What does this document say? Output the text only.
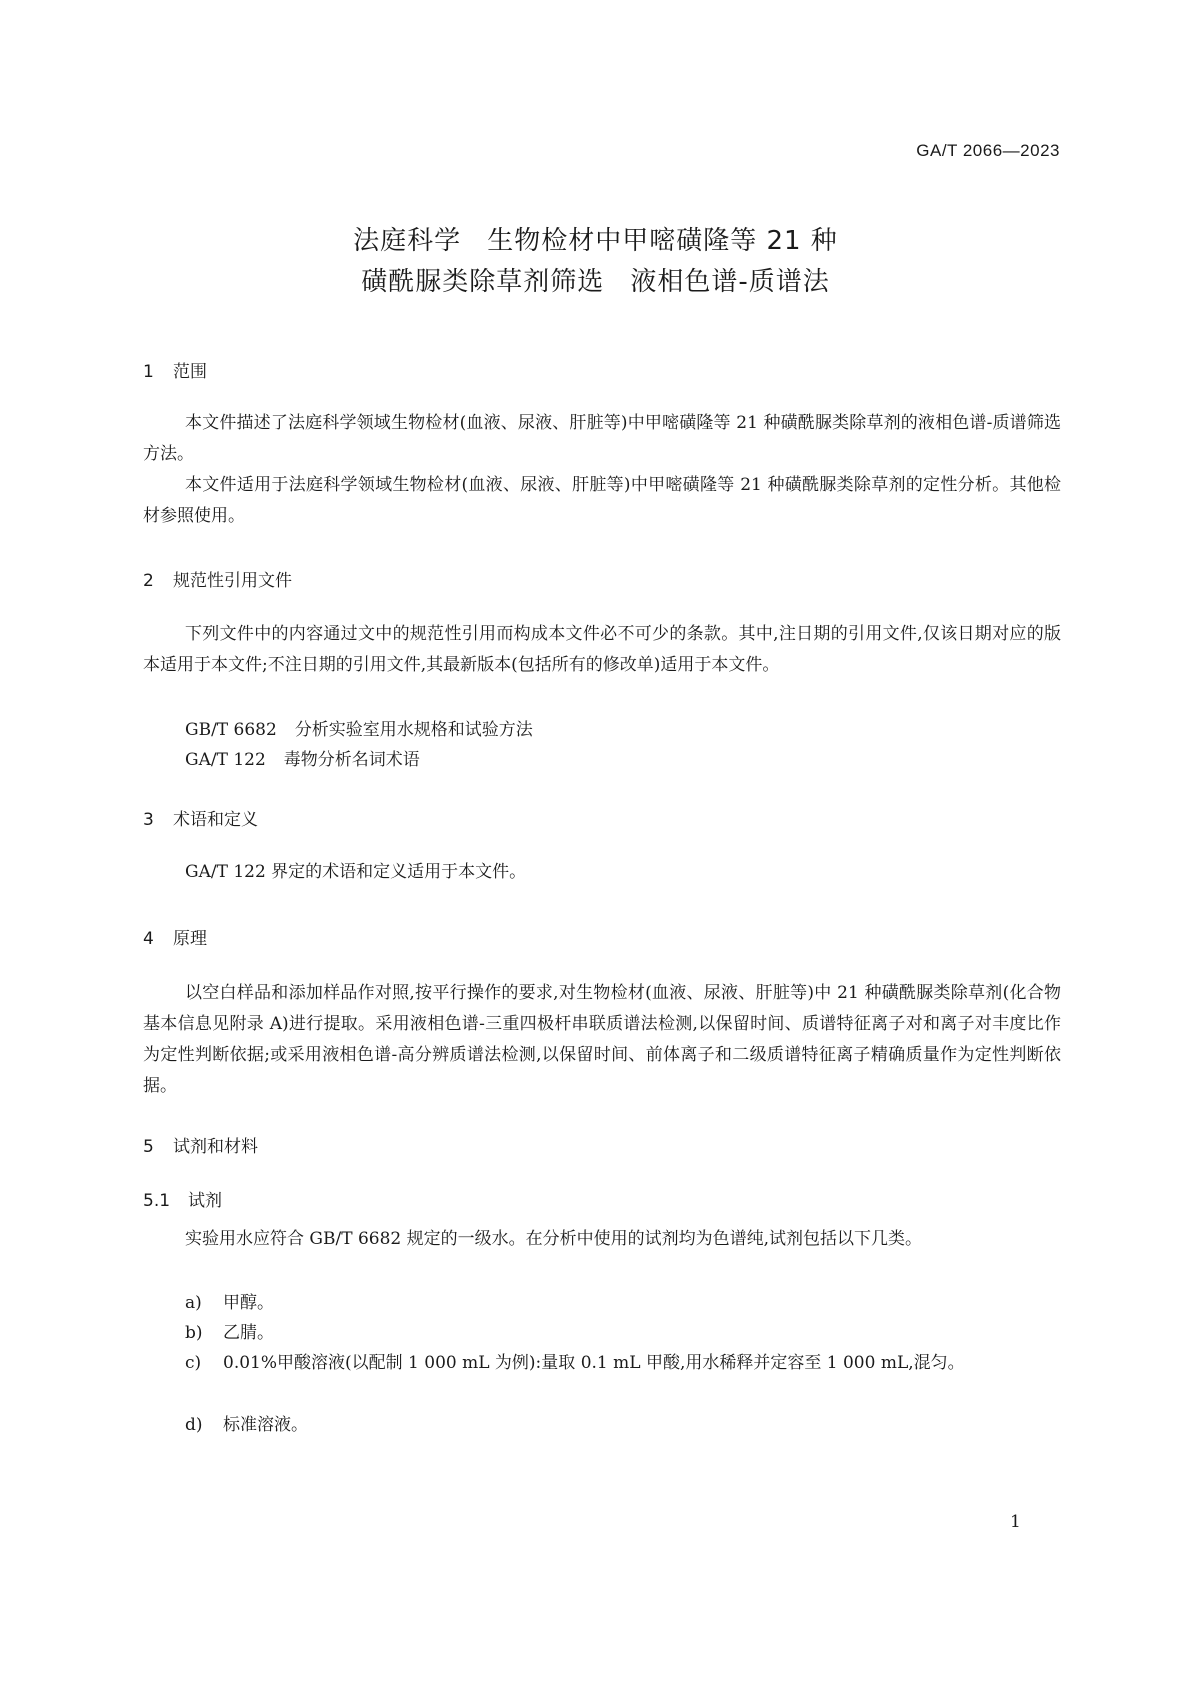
GA/T 2066—2023
法庭科学 生物检材中甲嘧磺隆等 21 种
磺酰脲类除草剂筛选 液相色谱-质谱法
1 范围

本文件描述了法庭科学领域生物检材(血液、尿液、肝脏等)中甲嘧磺隆等 21 种磺酰脲类除草剂的液相色谱-质谱筛选方法。

本文件适用于法庭科学领域生物检材(血液、尿液、肝脏等)中甲嘧磺隆等 21 种磺酰脲类除草剂的定性分析。其他检材参照使用。

2 规范性引用文件

下列文件中的内容通过文中的规范性引用而构成本文件必不可少的条款。其中,注日期的引用文件,仅该日期对应的版本适用于本文件;不注日期的引用文件,其最新版本(包括所有的修改单)适用于本文件。

GB/T 6682 分析实验室用水规格和试验方法
GA/T 122 毒物分析名词术语
3 术语和定义

GA/T 122 界定的术语和定义适用于本文件。

4 原理

以空白样品和添加样品作对照,按平行操作的要求,对生物检材(血液、尿液、肝脏等)中 21 种磺酰脲类除草剂(化合物基本信息见附录 A)进行提取。采用液相色谱-三重四极杆串联质谱法检测,以保留时间、质谱特征离子对和离子对丰度比作为定性判断依据;或采用液相色谱-高分辨质谱法检测,以保留时间、前体离子和二级质谱特征离子精确质量作为定性判断依据。

5 试剂和材料
5.1 试剂

实验用水应符合 GB/T 6682 规定的一级水。在分析中使用的试剂均为色谱纯,试剂包括以下几类。

a) 甲醇。
b) 乙腈。
c) 0.01%甲酸溶液(以配制 1 000 mL 为例):量取 0.1 mL 甲酸,用水稀释并定容至 1 000 mL,混匀。
d) 标准溶液。
1
